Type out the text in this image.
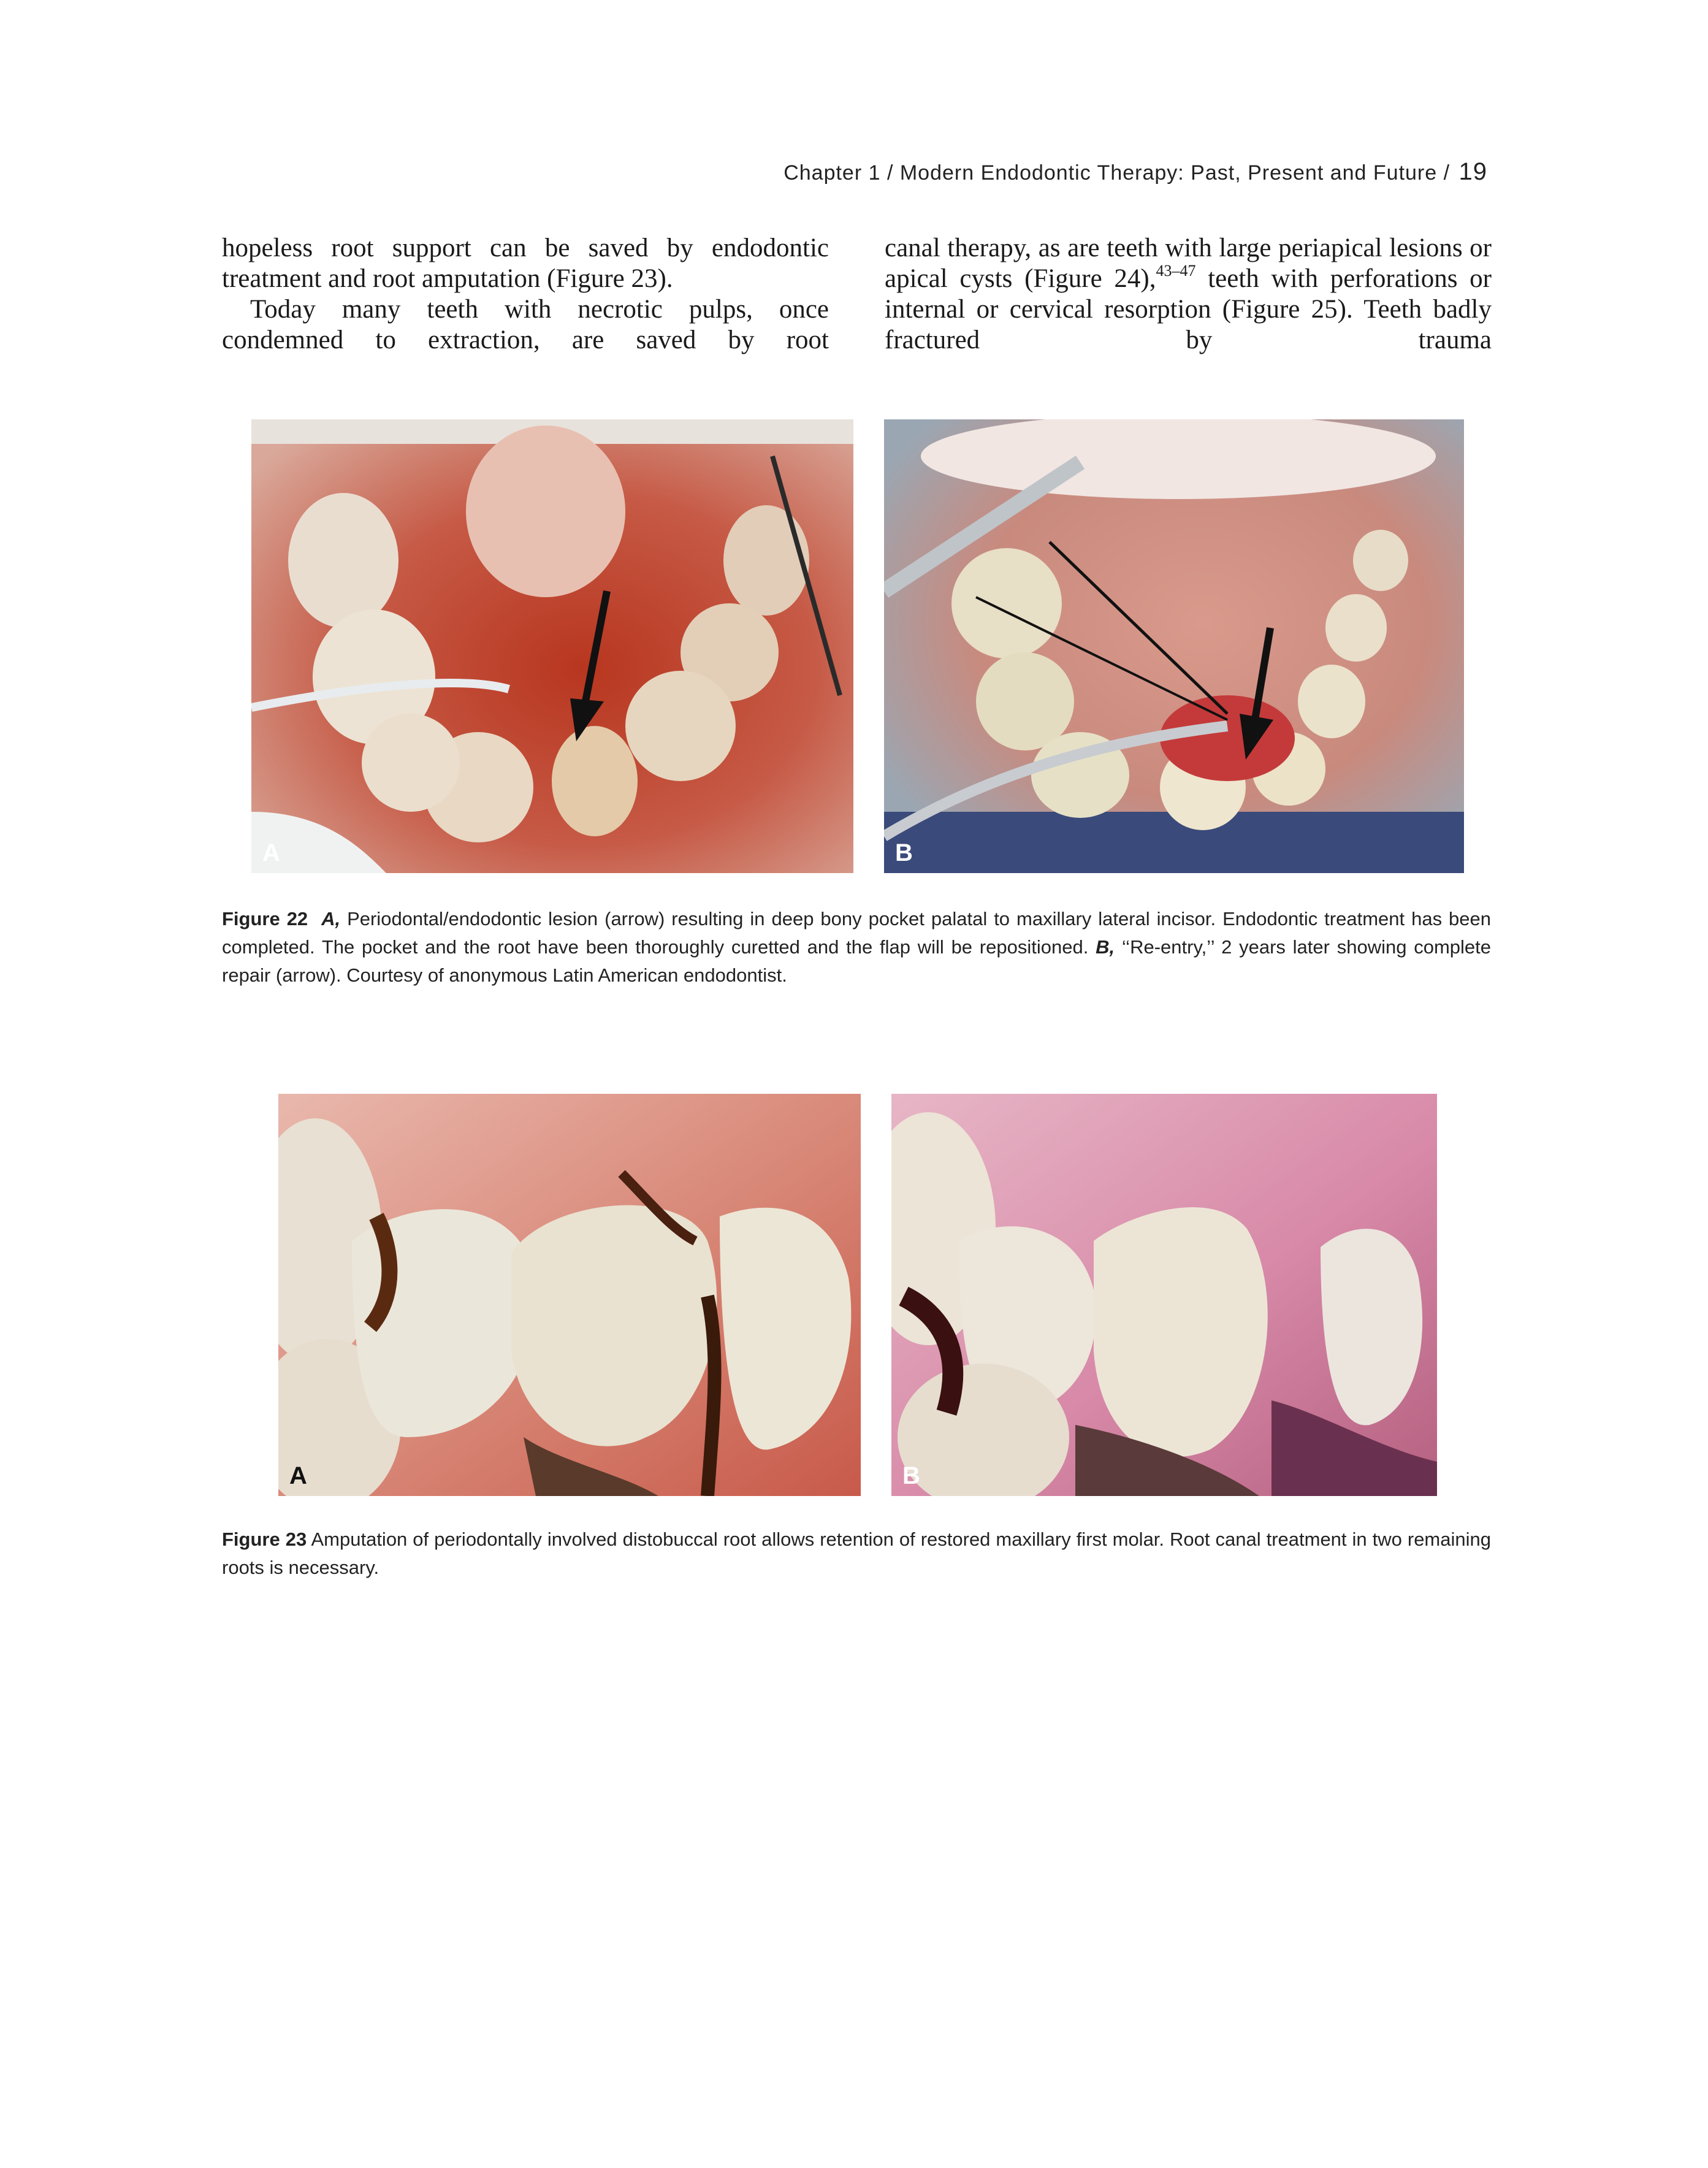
Chapter 1 / Modern Endodontic Therapy: Past, Present and Future / 19

hopeless root support can be saved by endodontic treatment and root amputation (Figure 23).

Today many teeth with necrotic pulps, once condemned to extraction, are saved by root

canal therapy, as are teeth with large periapical lesions or apical cysts (Figure 24),$^{43-47}$ teeth with perforations or internal or cervical resorption (Figure 25). Teeth badly fractured by trauma

A	B
Figure 22 A, Periodontal/endodontic lesion (arrow) resulting in deep bony pocket palatal to maxillary lateral incisor. Endodontic treatment has been completed. The pocket and the root have been thoroughly curetted and the flap will be repositioned. B, ‘‘Re-entry,’’ 2 years later showing complete repair (arrow). Courtesy of anonymous Latin American endodontist.
A	B
Figure 23 Amputation of periodontally involved distobuccal root allows retention of restored maxillary first molar. Root canal treatment in two remaining roots is necessary.
